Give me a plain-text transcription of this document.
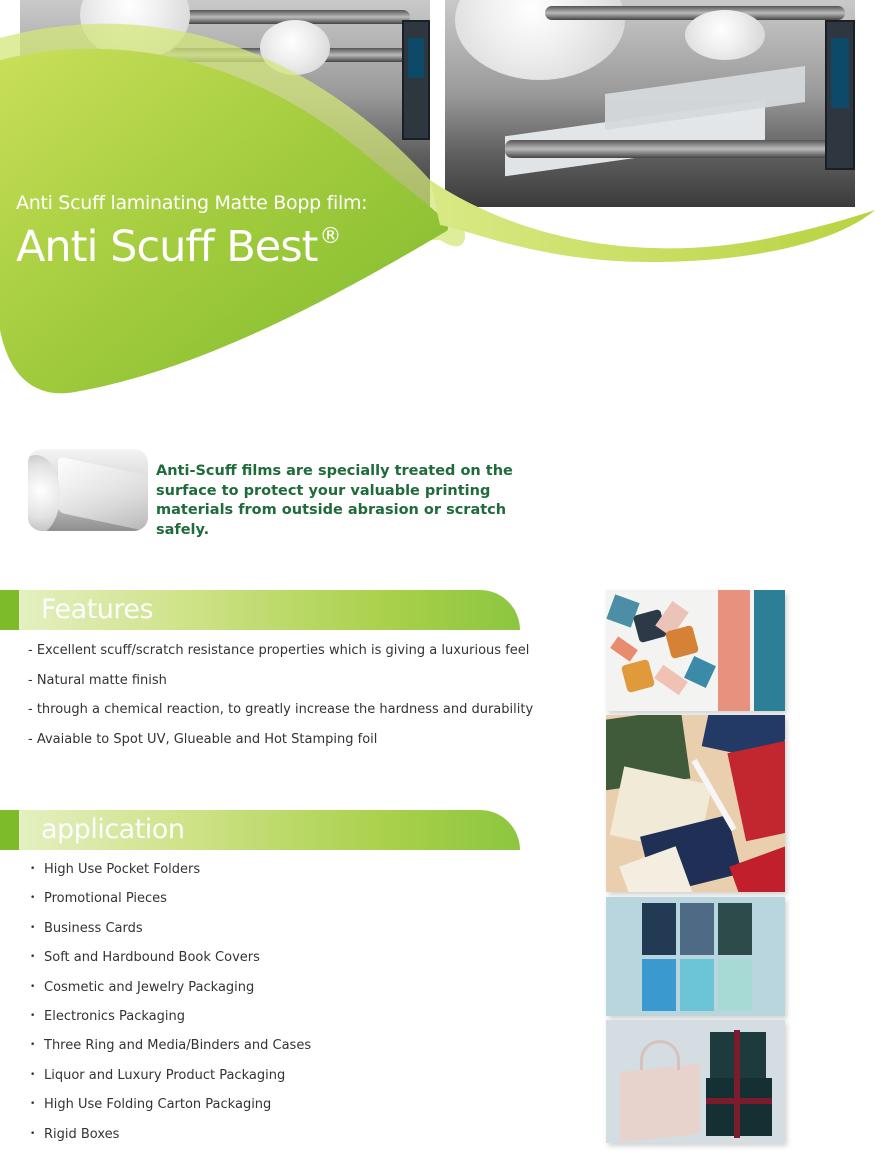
Anti Scuff laminating Matte Bopp film:
Anti Scuff Best®

Anti-Scuff films are specially treated on the surface to protect your valuable printing materials from outside abrasion or scratch safely.

Features
- Excellent scuff/scratch resistance properties which is giving a luxurious feel
- Natural matte finish
- through a chemical reaction, to greatly increase the hardness and durability
- Avaiable to Spot UV, Glueable and Hot Stamping foil
application
• High Use Pocket Folders
• Promotional Pieces
• Business Cards
• Soft and Hardbound Book Covers
• Cosmetic and Jewelry Packaging
• Electronics Packaging
• Three Ring and Media/Binders and Cases
• Liquor and Luxury Product Packaging
• High Use Folding Carton Packaging
• Rigid Boxes
